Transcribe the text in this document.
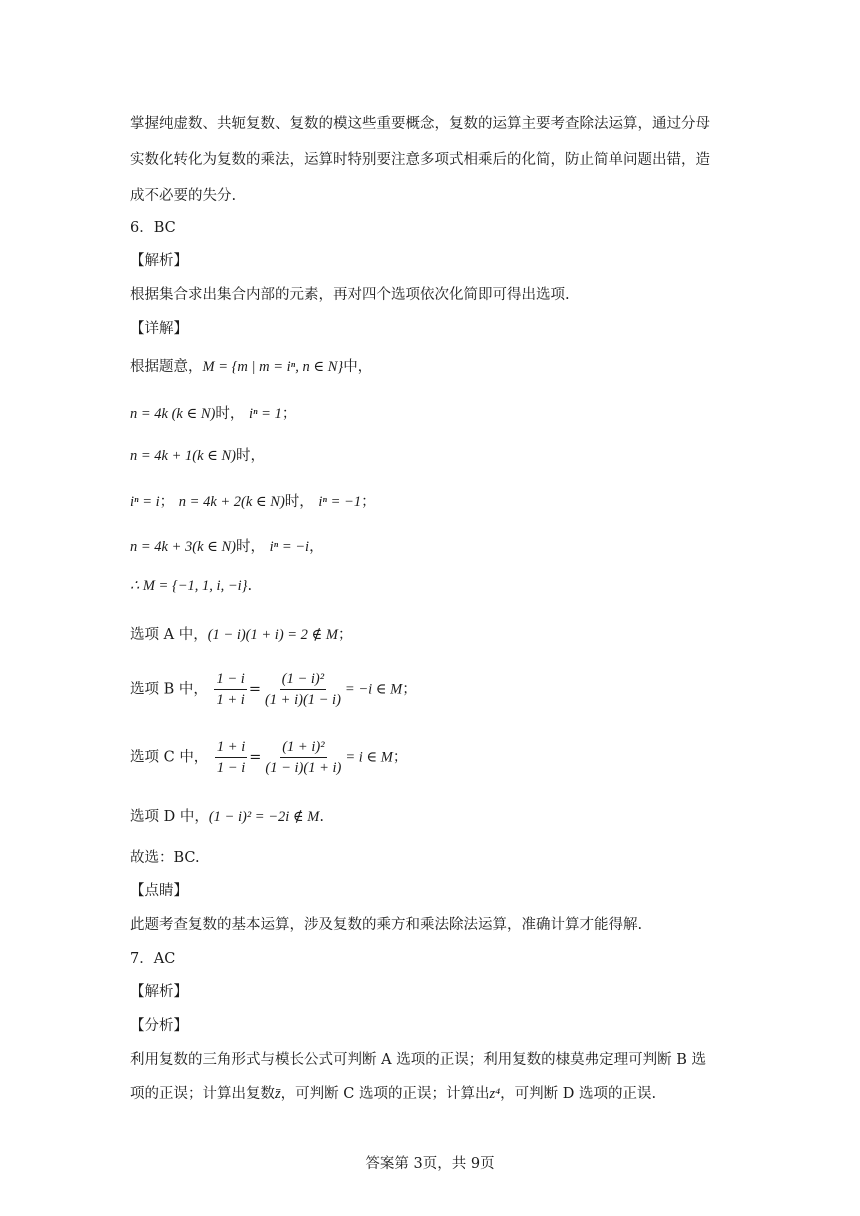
掌握纯虚数、共轭复数、复数的模这些重要概念，复数的运算主要考查除法运算，通过分母
实数化转化为复数的乘法，运算时特别要注意多项式相乘后的化简，防止简单问题出错，造
成不必要的失分.
6．BC
【解析】
根据集合求出集合内部的元素，再对四个选项依次化简即可得出选项.
【详解】
根据题意，M = {m | m = iⁿ, n ∈ N}中，
n = 4k (k ∈ N)时， iⁿ = 1；
n = 4k + 1(k ∈ N)时，
iⁿ = i； n = 4k + 2(k ∈ N)时， iⁿ = −1；
n = 4k + 3(k ∈ N)时， iⁿ = −i，
∴ M = {−1, 1, i, −i}.
选项 A 中，(1 − i)(1 + i) = 2 ∉ M；
选项 B 中， $\frac{1 - i}{1 + i} = \frac{\text{(1 − i)²}}{(1 + i)(1 - i)} = -i$ ∈ M；
选项 C 中， $\frac{1 + i}{1 - i} = \frac{\text{(1 + i)²}}{(1 - i)(1 + i)} = i$ ∈ M；
选项 D 中，(1 − i)² = −2i ∉ M.
故选：BC.
【点睛】
此题考查复数的基本运算，涉及复数的乘方和乘法除法运算，准确计算才能得解.
7．AC
【解析】
【分析】
利用复数的三角形式与模长公式可判断 A 选项的正误；利用复数的棣莫弗定理可判断 B 选
项的正误；计算出复数z̄，可判断 C 选项的正误；计算出z⁴，可判断 D 选项的正误.
答案第 3页，共 9页
